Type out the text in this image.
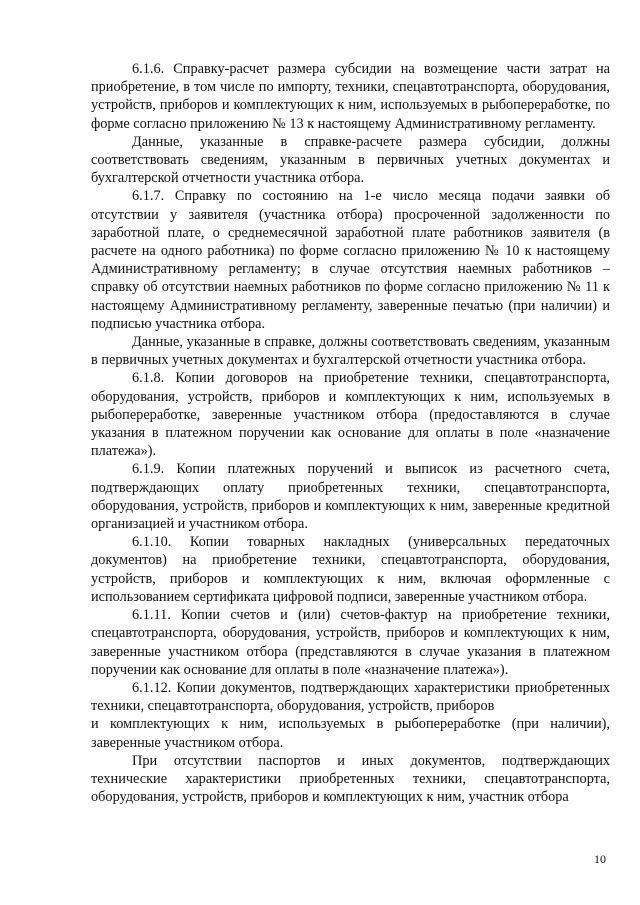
6.1.6. Справку-расчет размера субсидии на возмещение части затрат на приобретение, в том числе по импорту, техники, спецавтотранспорта, оборудования, устройств, приборов и комплектующих к ним, используемых в рыбопереработке, по форме согласно приложению № 13 к настоящему Административному регламенту.

Данные, указанные в справке-расчете размера субсидии, должны соответствовать сведениям, указанным в первичных учетных документах и бухгалтерской отчетности участника отбора.

6.1.7. Справку по состоянию на 1-е число месяца подачи заявки об отсутствии у заявителя (участника отбора) просроченной задолженности по заработной плате, о среднемесячной заработной плате работников заявителя (в расчете на одного работника) по форме согласно приложению № 10 к настоящему Административному регламенту; в случае отсутствия наемных работников – справку об отсутствии наемных работников по форме согласно приложению № 11 к настоящему Административному регламенту, заверенные печатью (при наличии) и подписью участника отбора.

Данные, указанные в справке, должны соответствовать сведениям, указанным в первичных учетных документах и бухгалтерской отчетности участника отбора.

6.1.8. Копии договоров на приобретение техники, спецавтотранспорта, оборудования, устройств, приборов и комплектующих к ним, используемых в рыбопереработке, заверенные участником отбора (предоставляются в случае указания в платежном поручении как основание для оплаты в поле «назначение платежа»).

6.1.9. Копии платежных поручений и выписок из расчетного счета, подтверждающих оплату приобретенных техники, спецавтотранспорта, оборудования, устройств, приборов и комплектующих к ним, заверенные кредитной организацией и участником отбора.

6.1.10. Копии товарных накладных (универсальных передаточных документов) на приобретение техники, спецавтотранспорта, оборудования, устройств, приборов и комплектующих к ним, включая оформленные с использованием сертификата цифровой подписи, заверенные участником отбора.

6.1.11. Копии счетов и (или) счетов-фактур на приобретение техники, спецавтотранспорта, оборудования, устройств, приборов и комплектующих к ним, заверенные участником отбора (представляются в случае указания в платежном поручении как основание для оплаты в поле «назначение платежа»).

6.1.12. Копии документов, подтверждающих характеристики приобретенных техники, спецавтотранспорта, оборудования, устройств, приборов

и комплектующих к ним, используемых в рыбопереработке (при наличии), заверенные участником отбора.

При отсутствии паспортов и иных документов, подтверждающих технические характеристики приобретенных техники, спецавтотранспорта, оборудования, устройств, приборов и комплектующих к ним, участник отбора

10
